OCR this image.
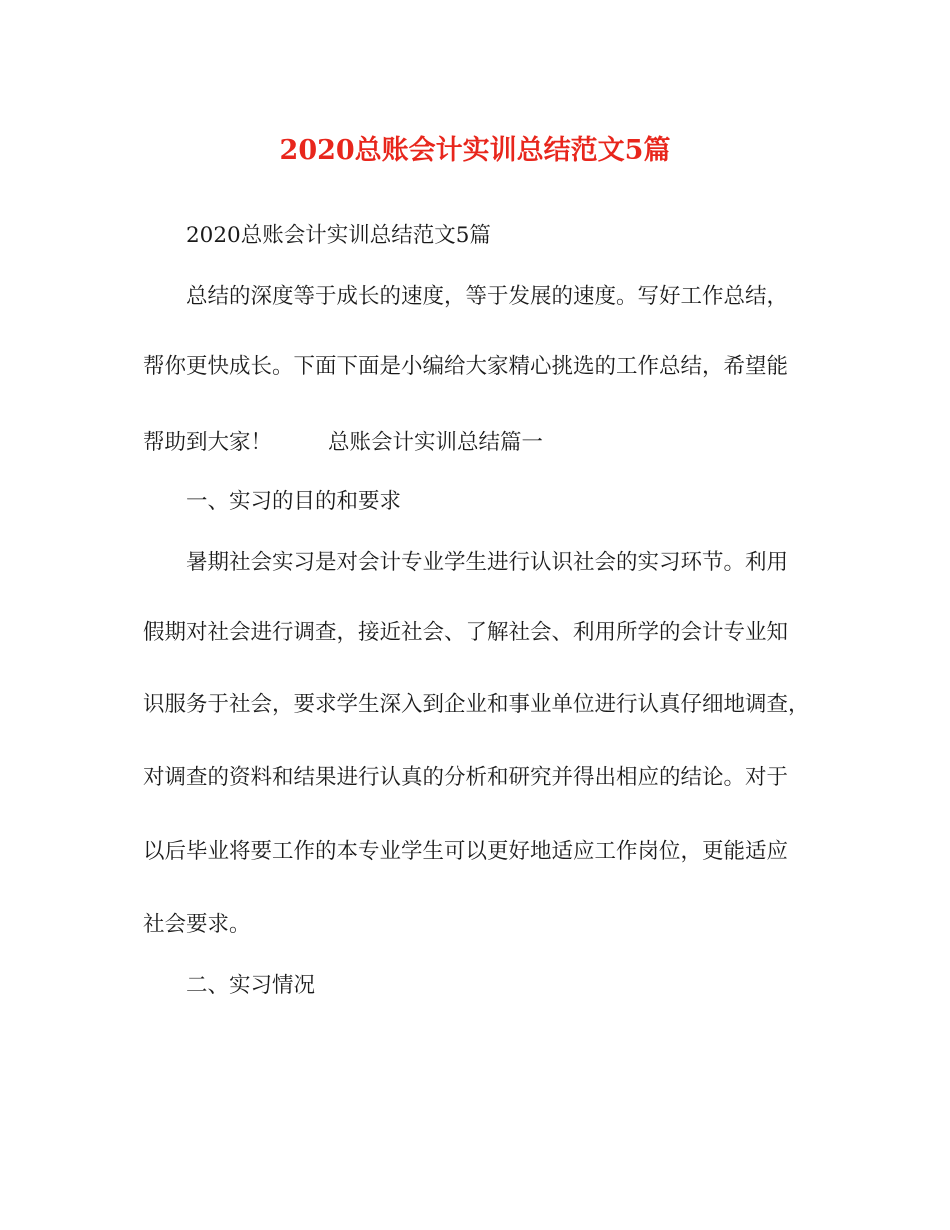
2020总账会计实训总结范文5篇
2020总账会计实训总结范文5篇
总结的深度等于成长的速度，等于发展的速度。写好工作总结，
帮你更快成长。下面下面是小编给大家精心挑选的工作总结，希望能
帮助到大家！	总账会计实训总结篇一
一、实习的目的和要求
暑期社会实习是对会计专业学生进行认识社会的实习环节。利用
假期对社会进行调查，接近社会、了解社会、利用所学的会计专业知
识服务于社会，要求学生深入到企业和事业单位进行认真仔细地调查，
对调查的资料和结果进行认真的分析和研究并得出相应的结论。对于
以后毕业将要工作的本专业学生可以更好地适应工作岗位，更能适应
社会要求。
二、实习情况
